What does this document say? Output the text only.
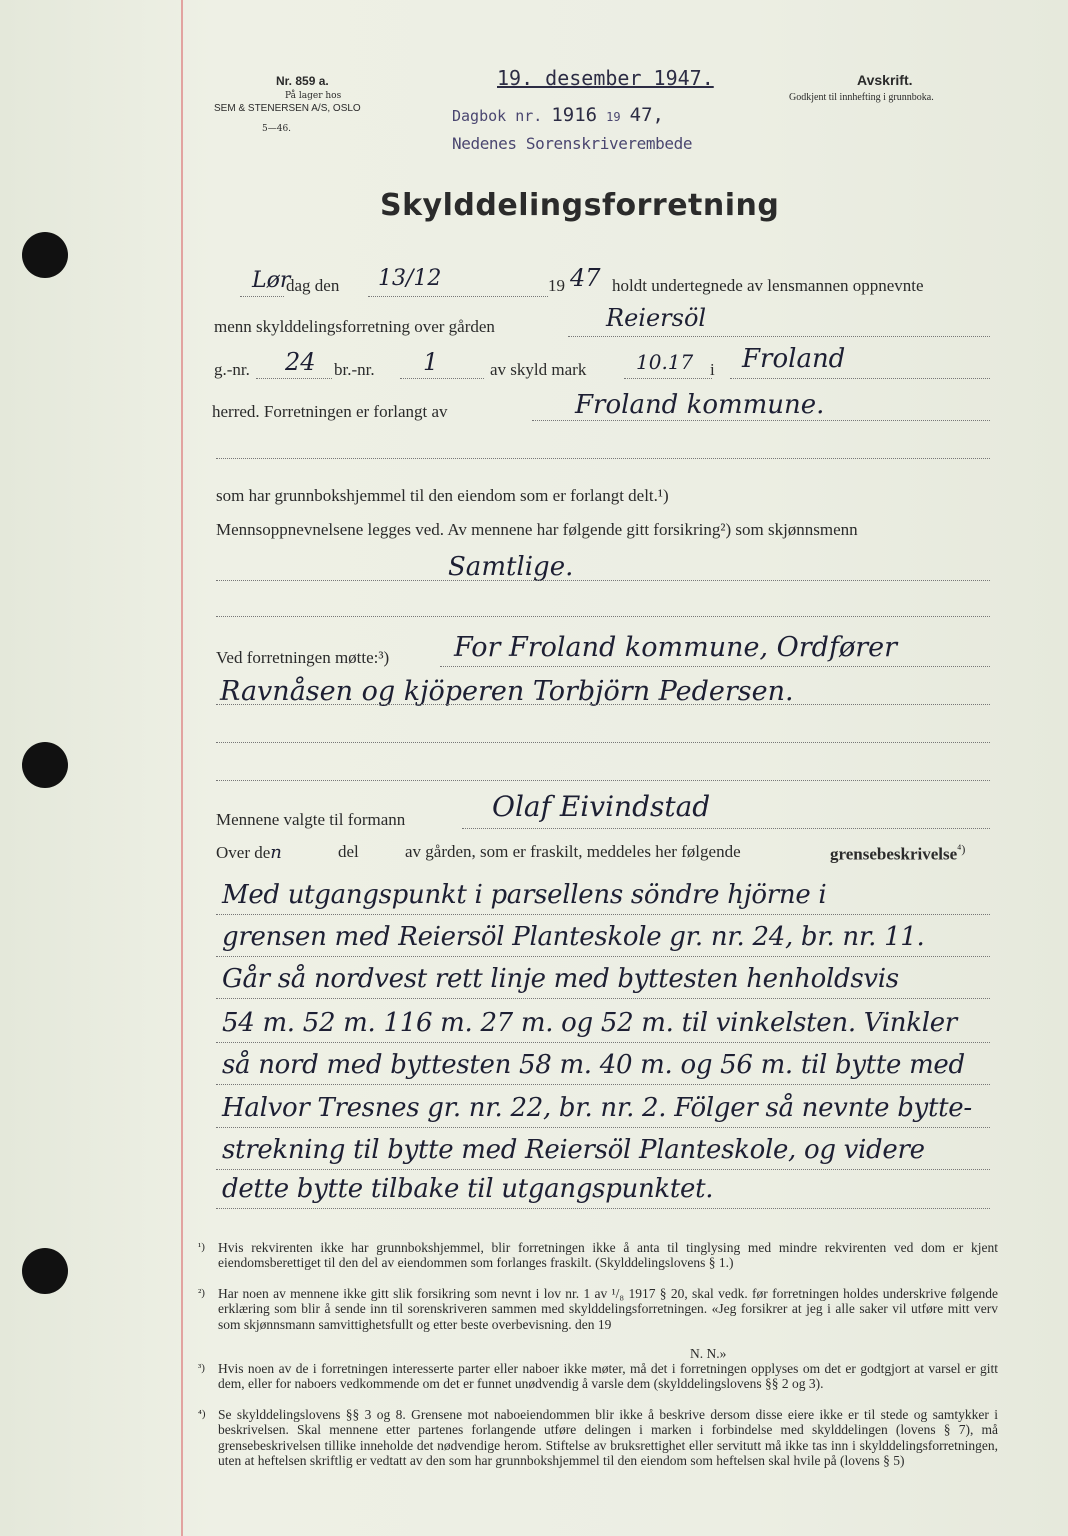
Nr. 859 a.
På lager hos
SEM & STENERSEN A/S, OSLO
5—46.
19. desember 1947.
Dagbok nr. 1916 19 47,
Nedenes Sorenskriverembede
Avskrift.
Godkjent til innhefting i grunnboka.
Skylddelingsforretning
Lør
dag den 13/12	19 47 holdt undertegnede av lensmannen oppnevnte
menn skylddelingsforretning over gården	Reiersöl
g.-nr. 24 br.-nr. 1	av skyld mark 10.17 i Froland
herred. Forretningen er forlangt av	Froland kommune.
som har grunnbokshjemmel til den eiendom som er forlangt delt.¹)
Mennsoppnevnelsene legges ved. Av mennene har følgende gitt forsikring²) som skjønnsmenn
Samtlige.
Ved forretningen møtte:³) For Froland kommune, Ordfører
Ravnåsen og kjöperen Torbjörn Pedersen.
Mennene valgte til formann	Olaf Eivindstad
Over den	del	av gården, som er fraskilt, meddeles her følgende	grensebeskrivelse$^{^4)}$
Med utgangspunkt i parsellens söndre hjörne i
grensen med Reiersöl Planteskole gr. nr. 24, br. nr. 11.
Går så nordvest rett linje med byttesten henholdsvis
54 m. 52 m. 116 m. 27 m. og 52 m. til vinkelsten. Vinkler
så nord med byttesten 58 m. 40 m. og 56 m. til bytte med
Halvor Tresnes gr. nr. 22, br. nr. 2. Fölger så nevnte bytte-
strekning til bytte med Reiersöl Planteskole, og videre
dette bytte tilbake til utgangspunktet.
¹) Hvis rekvirenten ikke har grunnbokshjemmel, blir forretningen ikke å anta til tinglysing med mindre rekvirenten ved dom er kjent eiendomsberettiget til den del av eiendommen som forlanges fraskilt. (Skylddelingslovens § 1.)
²) Har noen av mennene ikke gitt slik forsikring som nevnt i lov nr. 1 av ¹/₈ 1917 § 20, skal vedk. før forretningen holdes underskrive følgende erklæring som blir å sende inn til sorenskriveren sammen med skylddelingsforretningen. «Jeg forsikrer at jeg i alle saker vil utføre mitt verv som skjønnsmann samvittighetsfullt og etter beste overbevisning. den 19
N. N.»
³) Hvis noen av de i forretningen interesserte parter eller naboer ikke møter, må det i forretningen opplyses om det er godtgjort at varsel er gitt dem, eller for naboers vedkommende om det er funnet unødvendig å varsle dem (skylddelingslovens §§ 2 og 3).
⁴) Se skylddelingslovens §§ 3 og 8. Grensene mot naboeiendommen blir ikke å beskrive dersom disse eiere ikke er til stede og samtykker i beskrivelsen. Skal mennene etter partenes forlangende utføre delingen i marken i forbindelse med skylddelingen (lovens § 7), må grensebeskrivelsen tillike inneholde det nødvendige herom. Stiftelse av bruksrettighet eller servitutt må ikke tas inn i skylddelingsforretningen, uten at heftelsen skriftlig er vedtatt av den som har grunnbokshjemmel til den eiendom som heftelsen skal hvile på (lovens § 5)
